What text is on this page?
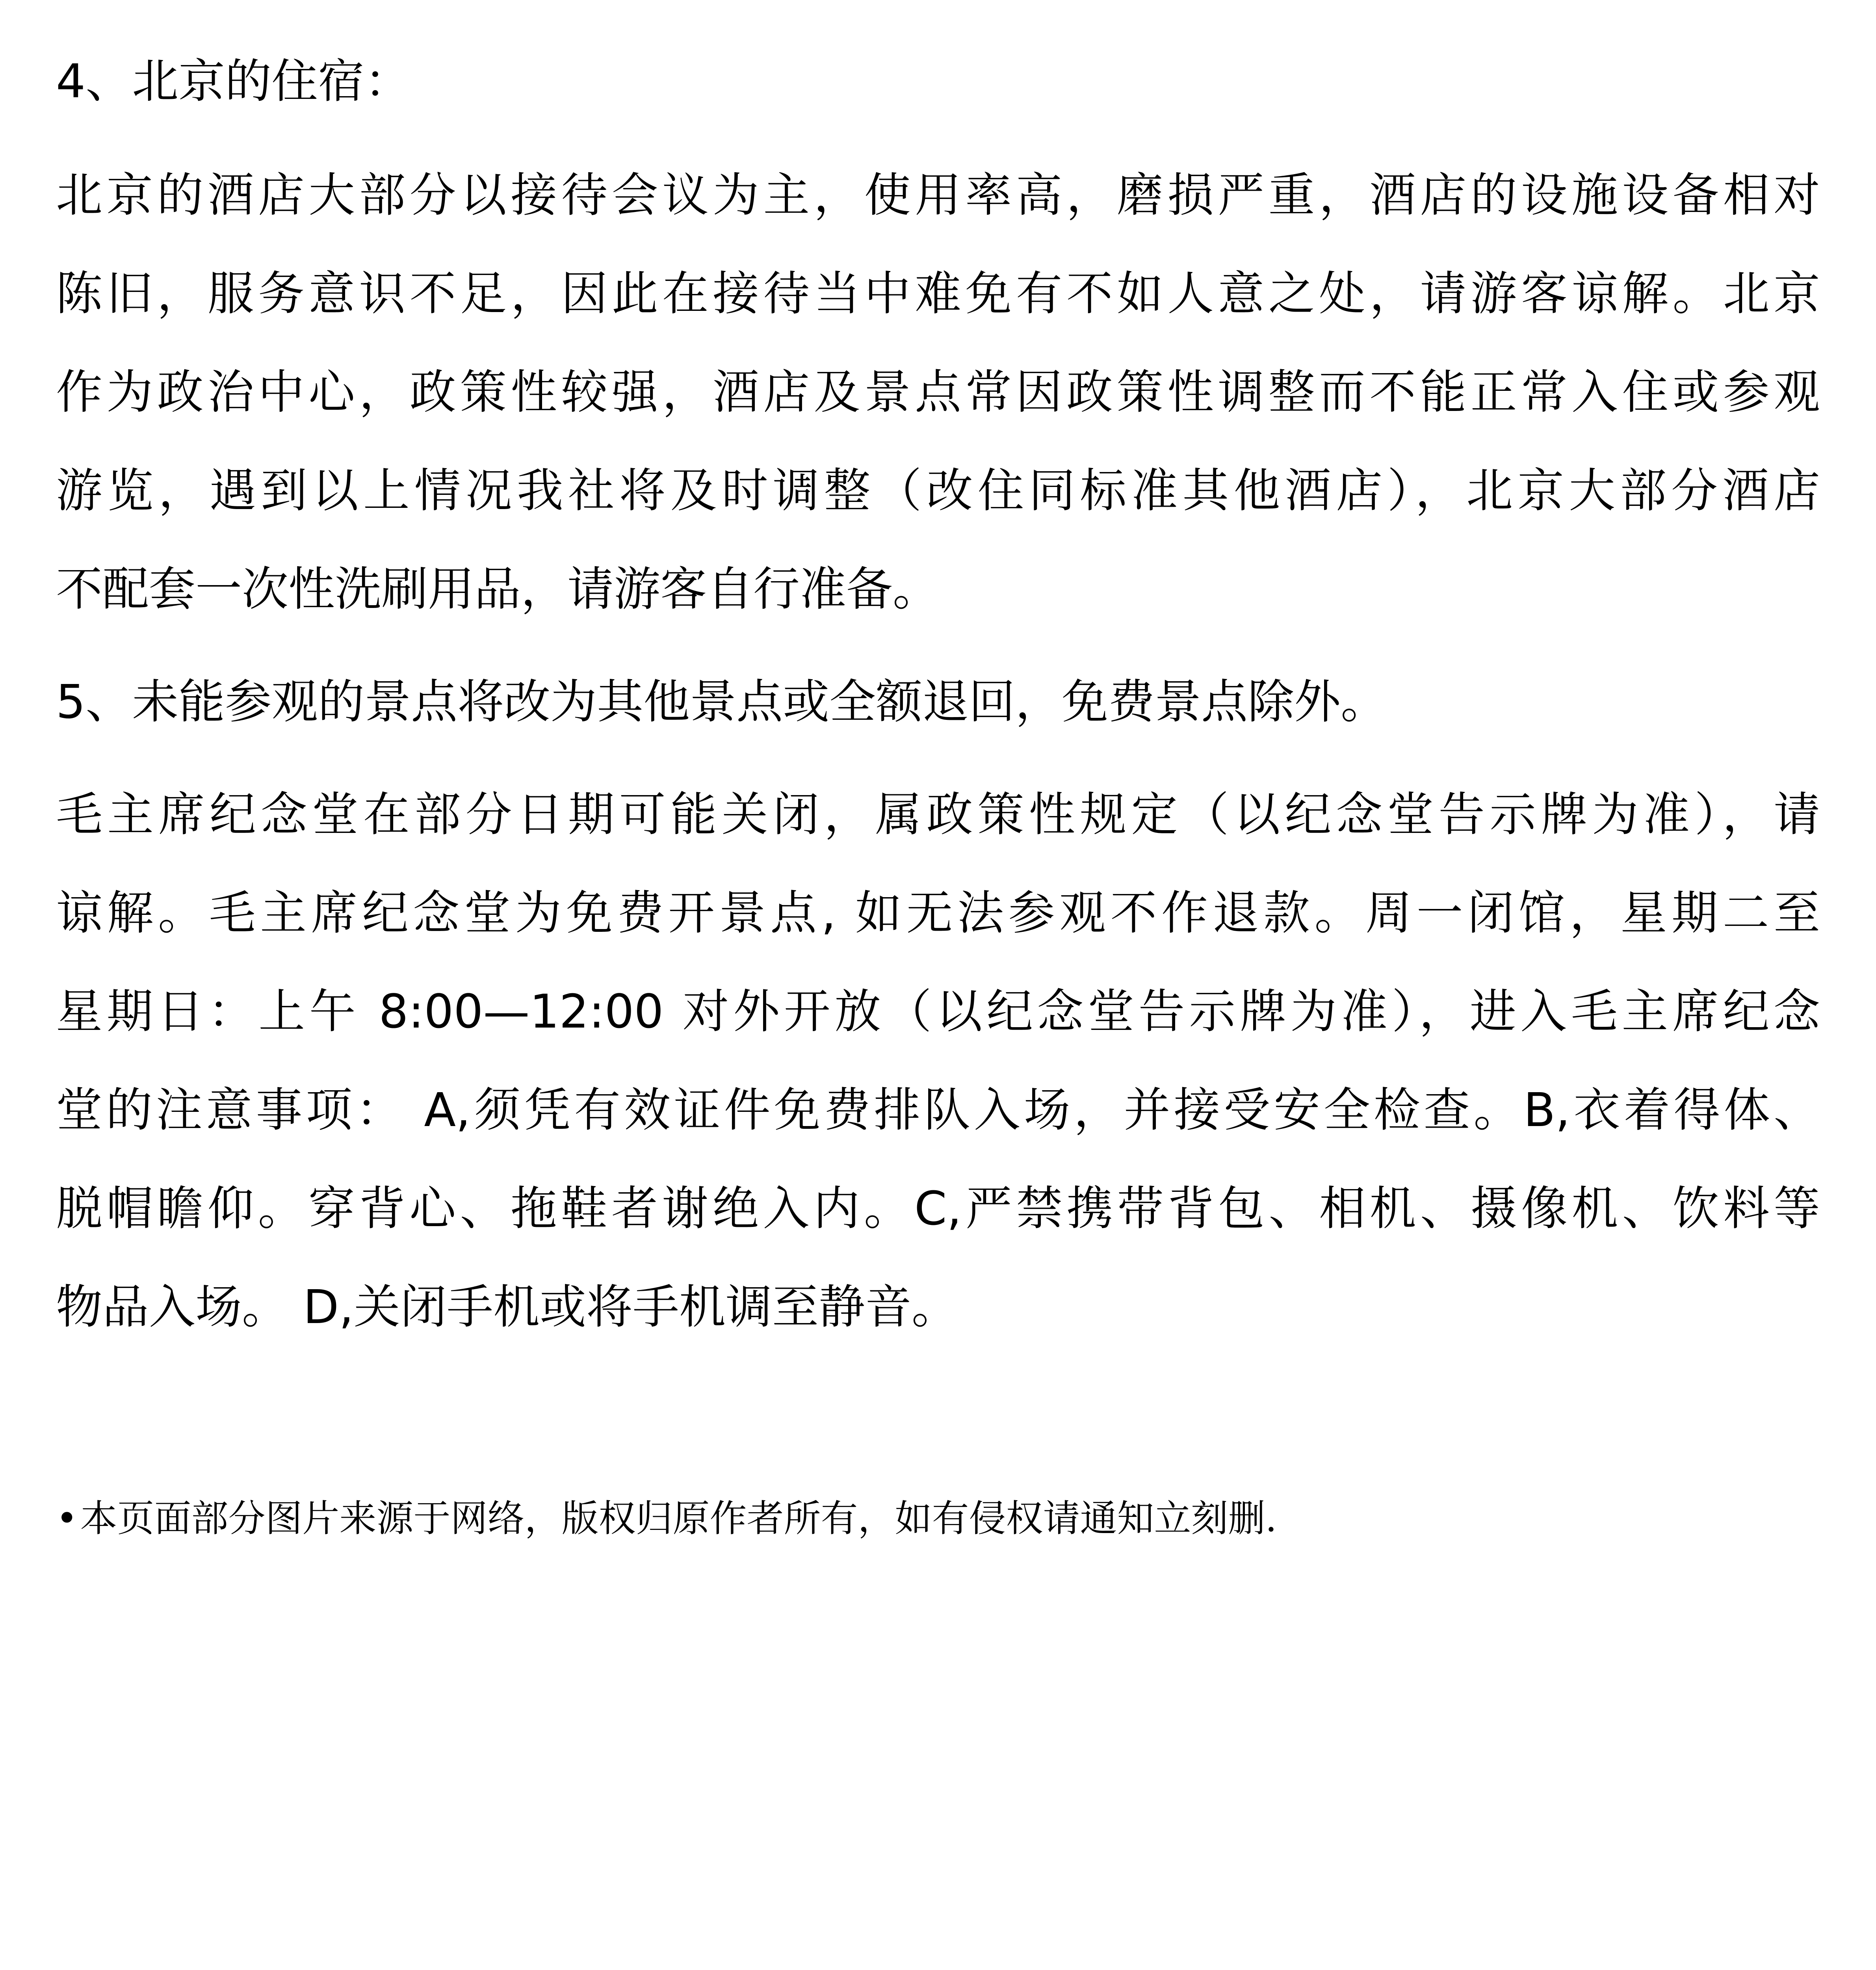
4、北京的住宿：
北京的酒店大部分以接待会议为主，使用率高，磨损严重，酒店的设施设备相对
陈旧，服务意识不足，因此在接待当中难免有不如人意之处，请游客谅解。北京
作为政治中心，政策性较强，酒店及景点常因政策性调整而不能正常入住或参观
游览，遇到以上情况我社将及时调整（改住同标准其他酒店），北京大部分酒店
不配套一次性洗刷用品，请游客自行准备。
5、未能参观的景点将改为其他景点或全额退回，免费景点除外。
毛主席纪念堂在部分日期可能关闭，属政策性规定（以纪念堂告示牌为准），请
谅解。毛主席纪念堂为免费开景点, 如无法参观不作退款。周一闭馆，星期二至
星期日：上午 8:00—12:00 对外开放（以纪念堂告示牌为准），进入毛主席纪念
堂的注意事项： A,须凭有效证件免费排队入场，并接受安全检查。B,衣着得体、
脱帽瞻仰。穿背心、拖鞋者谢绝入内。C,严禁携带背包、相机、摄像机、饮料等
物品入场。 D,关闭手机或将手机调至静音。
•本页面部分图片来源于网络，版权归原作者所有，如有侵权请通知立刻删.
